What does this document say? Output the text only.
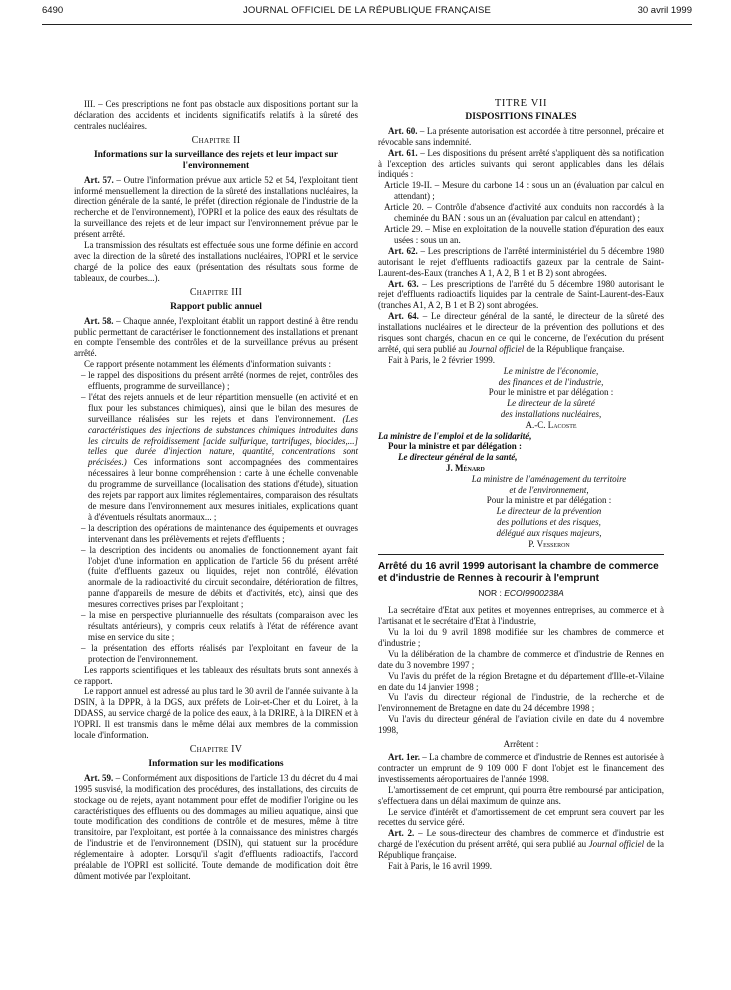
6490	JOURNAL OFFICIEL DE LA RÉPUBLIQUE FRANÇAISE	30 avril 1999

III. – Ces prescriptions ne font pas obstacle aux dispositions portant sur la déclaration des accidents et incidents significatifs relatifs à la sûreté des centrales nucléaires.

Chapitre II
Informations sur la surveillance des rejets et leur impact sur l'environnement

Art. 57. – Outre l'information prévue aux article 52 et 54, l'exploitant tient informé mensuellement la direction de la sûreté des installations nucléaires, la direction générale de la santé, le préfet (direction régionale de l'industrie de la recherche et de l'environnement), l'OPRI et la police des eaux des résultats de la surveillance des rejets et de leur impact sur l'environnement prévue par le présent arrêté.

La transmission des résultats est effectuée sous une forme définie en accord avec la direction de la sûreté des installations nucléaires, l'OPRI et le service chargé de la police des eaux (présentation des résultats sous forme de tableaux, de courbes...).

Chapitre III
Rapport public annuel

Art. 58. – Chaque année, l'exploitant établit un rapport destiné à être rendu public permettant de caractériser le fonctionnement des installations et prenant en compte l'ensemble des contrôles et de la surveillance prévus au présent arrêté.

Ce rapport présente notamment les éléments d'information suivants :

– le rappel des dispositions du présent arrêté (normes de rejet, contrôles des effluents, programme de surveillance) ;

– l'état des rejets annuels et de leur répartition mensuelle (en activité et en flux pour les substances chimiques), ainsi que le bilan des mesures de surveillance réalisées sur les rejets et dans l'environnement. (Les caractéristiques des injections de substances chimiques introduites dans les circuits de refroidissement [acide sulfurique, tartrifuges, biocides,...] telles que durée d'injection nature, quantité, concentrations sont précisées.) Ces informations sont accompagnées des commentaires nécessaires à leur bonne compréhension : carte à une échelle convenable du programme de surveillance (localisation des stations d'étude), situation des rejets par rapport aux limites réglementaires, comparaison des résultats de mesure dans l'environnement aux mesures initiales, explications quant à d'éventuels résultats anormaux... ;

– la description des opérations de maintenance des équipements et ouvrages intervenant dans les prélèvements et rejets d'effluents ;

– la description des incidents ou anomalies de fonctionnement ayant fait l'objet d'une information en application de l'article 56 du présent arrêté (fuite d'effluents gazeux ou liquides, rejet non contrôlé, élévation anormale de la radioactivité du circuit secondaire, détérioration de filtres, panne d'appareils de mesure de débits et d'activités, etc), ainsi que des mesures correctives prises par l'exploitant ;

– la mise en perspective pluriannuelle des résultats (comparaison avec les résultats antérieurs), y compris ceux relatifs à l'état de référence avant mise en service du site ;

– la présentation des efforts réalisés par l'exploitant en faveur de la protection de l'environnement.

Les rapports scientifiques et les tableaux des résultats bruts sont annexés à ce rapport.

Le rapport annuel est adressé au plus tard le 30 avril de l'année suivante à la DSIN, à la DPPR, à la DGS, aux préfets de Loir-et-Cher et du Loiret, à la DDASS, au service chargé de la police des eaux, à la DRIRE, à la DIREN et à l'OPRI. Il est transmis dans le même délai aux membres de la commission locale d'information.

Chapitre IV
Information sur les modifications

Art. 59. – Conformément aux dispositions de l'article 13 du décret du 4 mai 1995 susvisé, la modification des procédures, des installations, des circuits de stockage ou de rejets, ayant notamment pour effet de modifier l'origine ou les caractéristiques des effluents ou des dommages au milieu aquatique, ainsi que toute modification des conditions de contrôle et de mesures, même à titre transitoire, par l'exploitant, est portée à la connaissance des ministres chargés de l'industrie et de l'environnement (DSIN), qui statuent sur la procédure réglementaire à adopter. Lorsqu'il s'agit d'effluents radioactifs, l'accord préalable de l'OPRI est sollicité. Toute demande de modification doit être dûment motivée par l'exploitant.

TITRE VII
DISPOSITIONS FINALES

Art. 60. – La présente autorisation est accordée à titre personnel, précaire et révocable sans indemnité.

Art. 61. – Les dispositions du présent arrêté s'appliquent dès sa notification à l'exception des articles suivants qui seront applicables dans les délais indiqués :

Article 19-II. – Mesure du carbone 14 : sous un an (évaluation par calcul en attendant) ;

Article 20. – Contrôle d'absence d'activité aux conduits non raccordés à la cheminée du BAN : sous un an (évaluation par calcul en attendant) ;

Article 29. – Mise en exploitation de la nouvelle station d'épuration des eaux usées : sous un an.

Art. 62. – Les prescriptions de l'arrêté interministériel du 5 décembre 1980 autorisant le rejet d'effluents radioactifs gazeux par la centrale de Saint-Laurent-des-Eaux (tranches A 1, A 2, B 1 et B 2) sont abrogées.

Art. 63. – Les prescriptions de l'arrêté du 5 décembre 1980 autorisant le rejet d'effluents radioactifs liquides par la centrale de Saint-Laurent-des-Eaux (tranches A1, A 2, B 1 et B 2) sont abrogées.

Art. 64. – Le directeur général de la santé, le directeur de la sûreté des installations nucléaires et le directeur de la prévention des pollutions et des risques sont chargés, chacun en ce qui le concerne, de l'exécution du présent arrêté, qui sera publié au Journal officiel de la République française.

Fait à Paris, le 2 février 1999.

Le ministre de l'économie,
des finances et de l'industrie,
Pour le ministre et par délégation :
Le directeur de la sûreté
des installations nucléaires,
A.-C. Lacoste
La ministre de l'emploi et de la solidarité,
Pour la ministre et par délégation :
Le directeur général de la santé,
J. Ménard
La ministre de l'aménagement du territoire
et de l'environnement,
Pour la ministre et par délégation :
Le directeur de la prévention
des pollutions et des risques,
délégué aux risques majeurs,
P. Vesseron
Arrêté du 16 avril 1999 autorisant la chambre de commerce et d'industrie de Rennes à recourir à l'emprunt
NOR : ECOI9900238A

La secrétaire d'Etat aux petites et moyennes entreprises, au commerce et à l'artisanat et le secrétaire d'Etat à l'industrie,

Vu la loi du 9 avril 1898 modifiée sur les chambres de commerce et d'industrie ;

Vu la délibération de la chambre de commerce et d'industrie de Rennes en date du 3 novembre 1997 ;

Vu l'avis du préfet de la région Bretagne et du département d'Ille-et-Vilaine en date du 14 janvier 1998 ;

Vu l'avis du directeur régional de l'industrie, de la recherche et de l'environnement de Bretagne en date du 24 décembre 1998 ;

Vu l'avis du directeur général de l'aviation civile en date du 4 novembre 1998,

Arrêtent :

Art. 1er. – La chambre de commerce et d'industrie de Rennes est autorisée à contracter un emprunt de 9 109 000 F dont l'objet est le financement des investissements aéroportuaires de l'année 1998.

L'amortissement de cet emprunt, qui pourra être remboursé par anticipation, s'effectuera dans un délai maximum de quinze ans.

Le service d'intérêt et d'amortissement de cet emprunt sera couvert par les recettes du service géré.

Art. 2. – Le sous-directeur des chambres de commerce et d'industrie est chargé de l'exécution du présent arrêté, qui sera publié au Journal officiel de la République française.

Fait à Paris, le 16 avril 1999.
